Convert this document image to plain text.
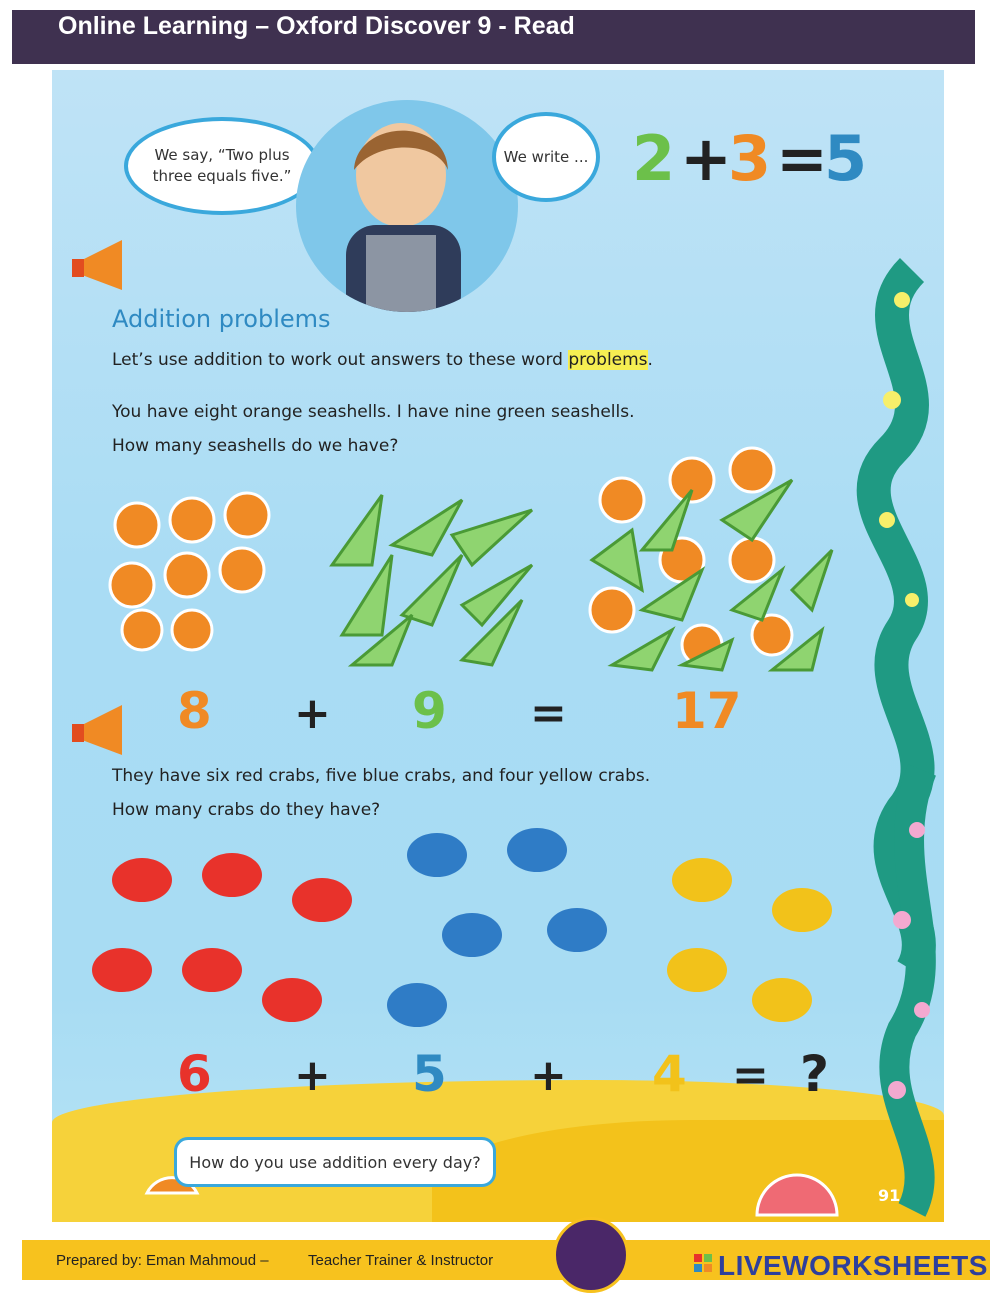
Online Learning – Oxford Discover 9 - Read
We say, “Two plus three equals five.”
We write ... 2 +
3 =
5
Addition problems
Let’s use addition to work out answers to these word problems.
You have eight orange seashells. I have nine green seashells.
How many seashells do we have?
8 + 9 = 17
They have six red crabs, five blue crabs, and four yellow crabs.
How many crabs do they have?
6 + 5 + 4 = ?
How do you use addition every day?
91
Prepared by: Eman Mahmoud –	Teacher Trainer & Instructor	LIVEWORKSHEETS
